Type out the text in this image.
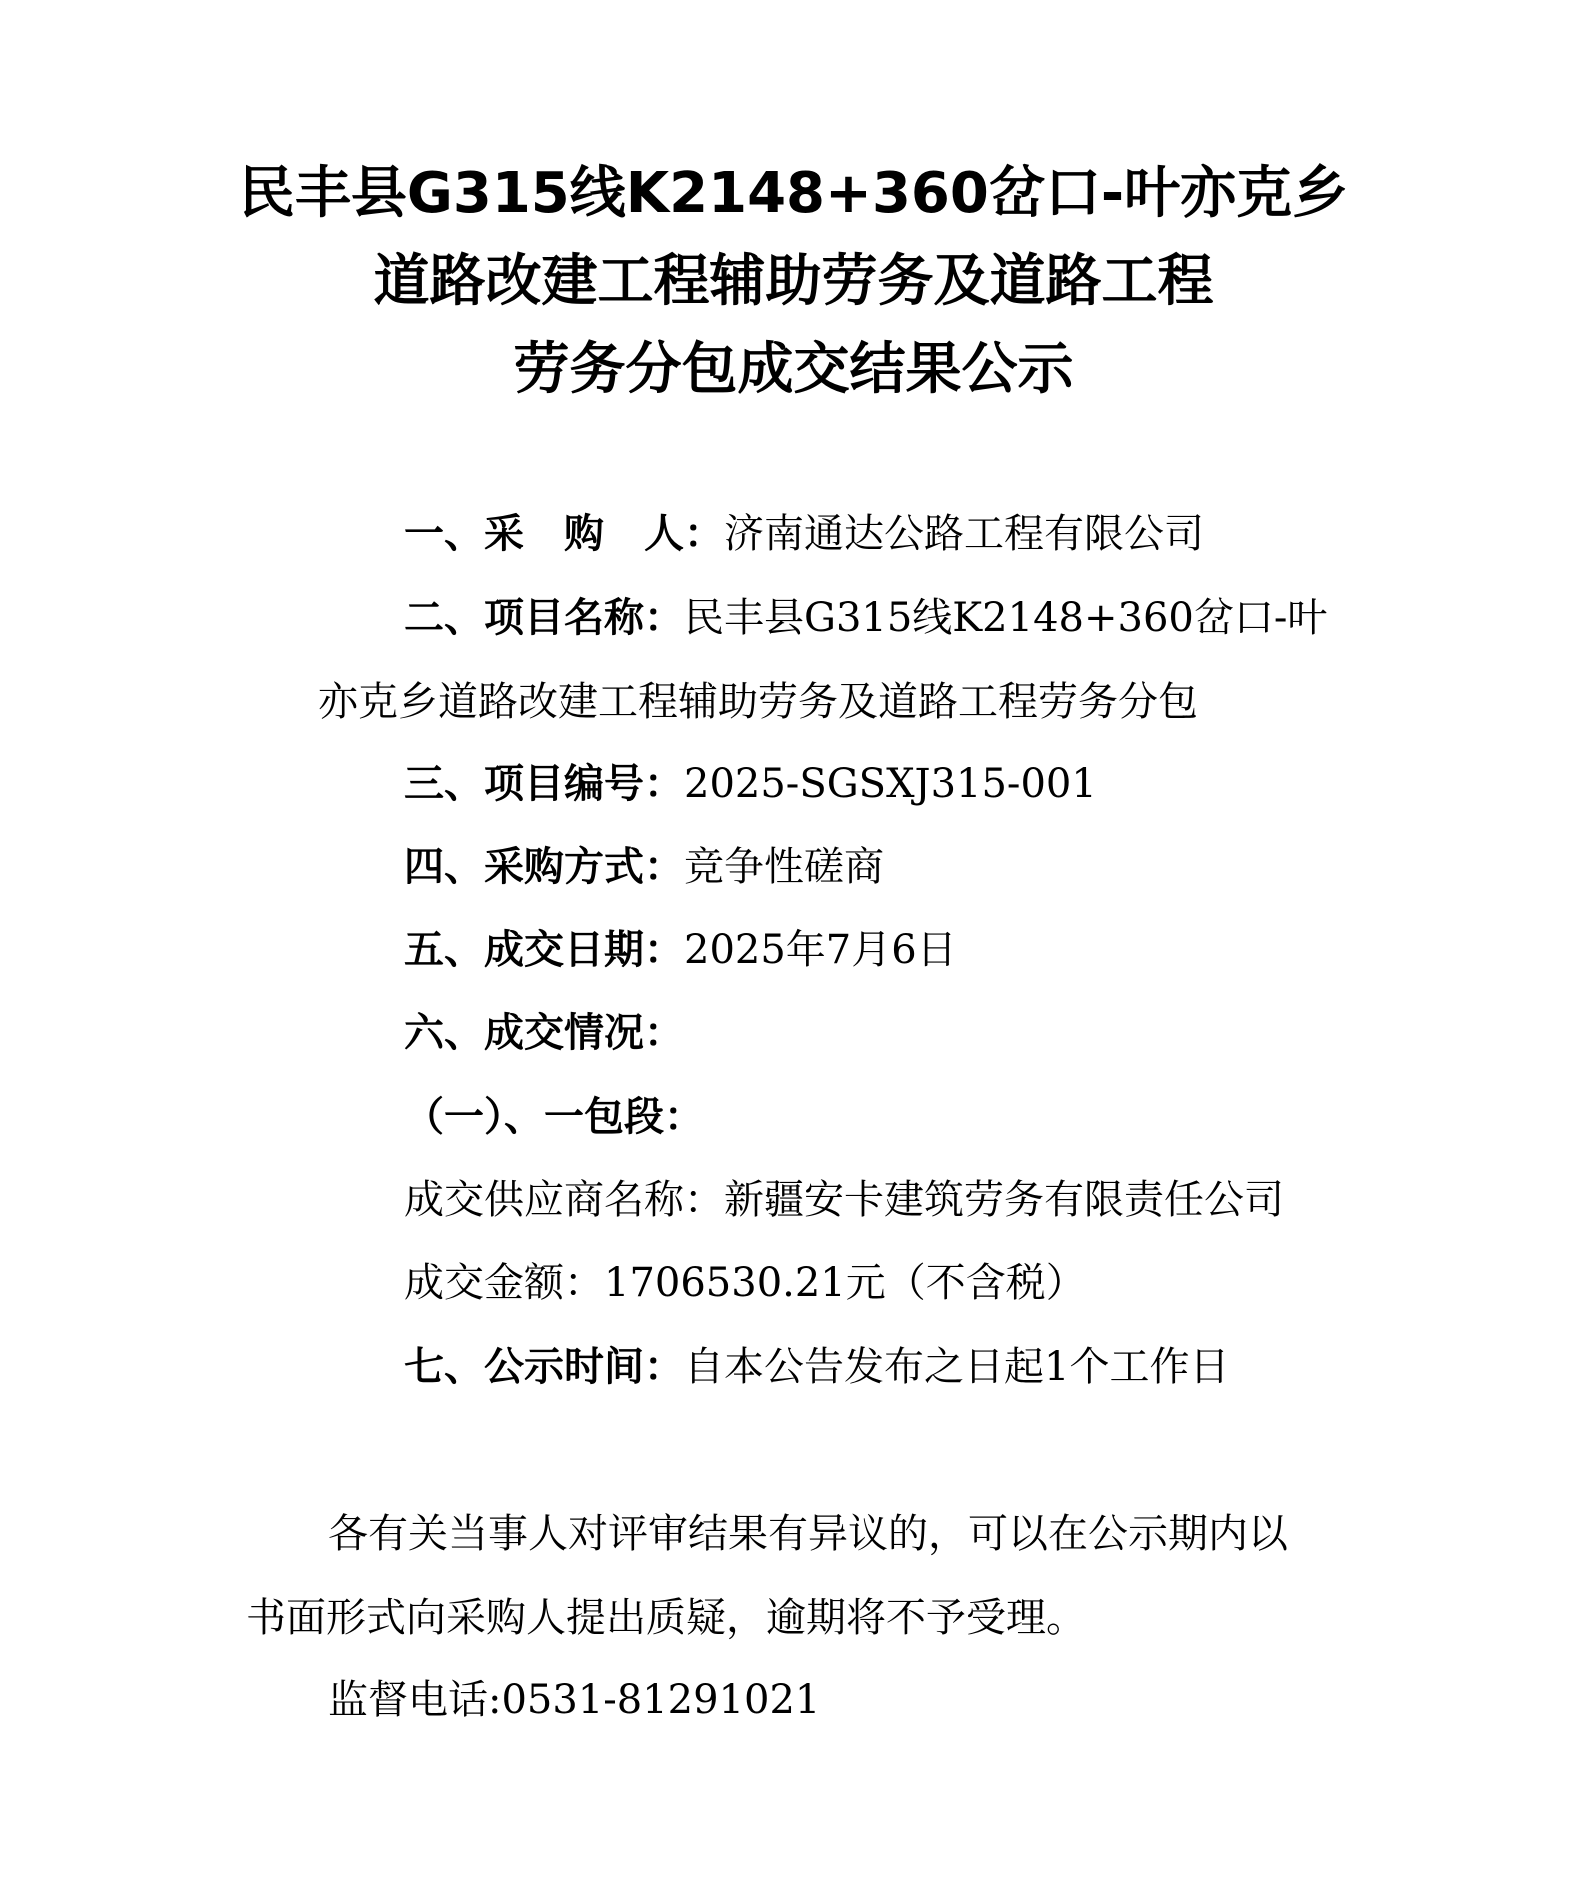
民丰县G315线K2148+360岔口-叶亦克乡
道路改建工程辅助劳务及道路工程
劳务分包成交结果公示

一、采　购　人：济南通达公路工程有限公司

二、项目名称：民丰县G315线K2148+360岔口-叶

亦克乡道路改建工程辅助劳务及道路工程劳务分包

三、项目编号：2025-SGSXJ315-001

四、采购方式：竞争性磋商

五、成交日期：2025年7月6日

六、成交情况：

（一）、一包段：

成交供应商名称：新疆安卡建筑劳务有限责任公司

成交金额：1706530.21元（不含税）

七、公示时间：自本公告发布之日起1个工作日

各有关当事人对评审结果有异议的，可以在公示期内以

书面形式向采购人提出质疑，逾期将不予受理。

监督电话:0531-81291021
